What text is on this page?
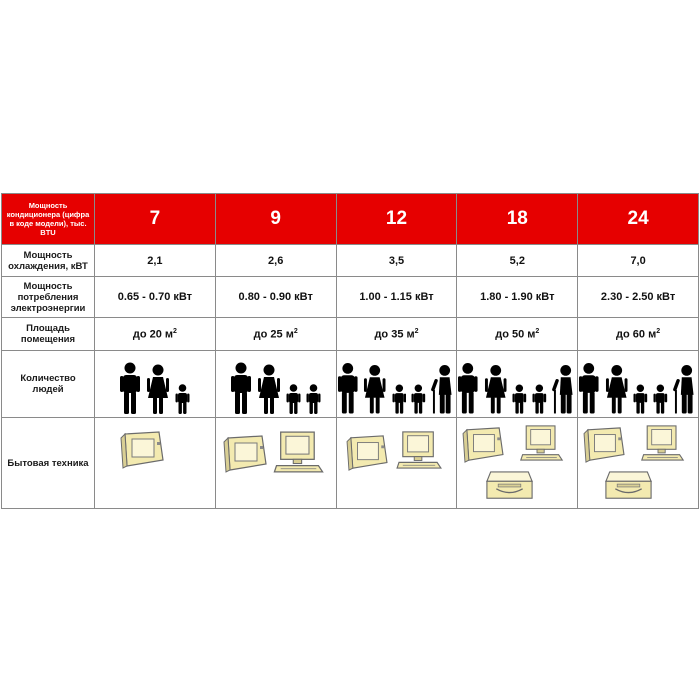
Мощность кондиционера (цифра в коде модели), тыс. BTU	7	9	12	18	24
Мощность охлаждения, кВТ	2,1	2,6	3,5	5,2	7,0
Мощность потребления электроэнергии	0.65 - 0.70 кВт	0.80 - 0.90 кВт	1.00 - 1.15 кВт	1.80 - 1.90 кВт	2.30 - 2.50 кВт
Площадь помещения	до 20 $м^2$	до 25 $м^2$	до 35 $м^2$	до 50 $м^2$	до 60 $м^2$
Количество людей	

Бытовая техника	
